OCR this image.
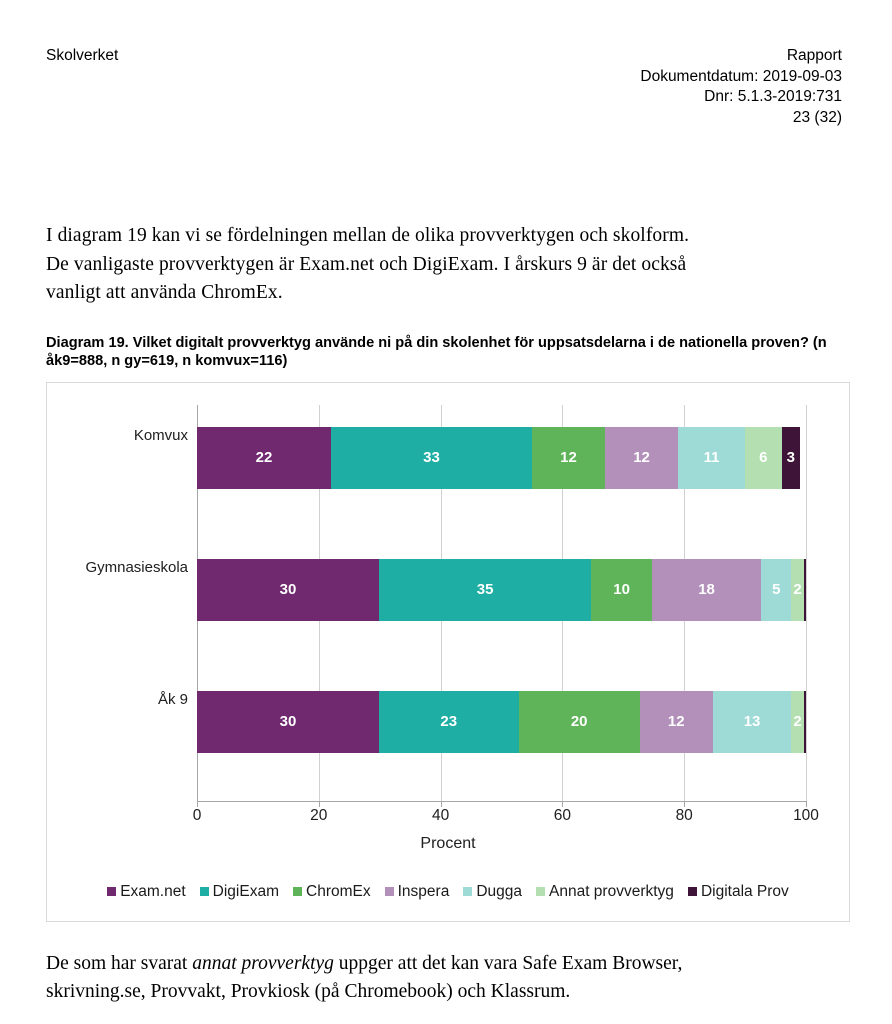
Skolverket	Rapport
Dokumentdatum: 2019-09-03
Dnr: 5.1.3-2019:731
23 (32)

I diagram 19 kan vi se fördelningen mellan de olika provverktygen och skolform.

De vanligaste provverktygen är Exam.net och DigiExam. I årskurs 9 är det också

vanligt att använda ChromEx.

Diagram 19. Vilket digitalt provverktyg använde ni på din skolenhet för uppsatsdelarna i de nationella proven? (n åk9=888, n gy=619, n komvux=116)
22	33	12	12	11	6 3
30	35	10	18	5 2
30	23	20	12	13 2
Komvux
Gymnasieskola
Åk 9
0	20	40	60	80	100
Procent
Exam.net DigiExam ChromEx Inspera Dugga Annat provverktyg Digitala Prov

De som har svarat annat provverktyg uppger att det kan vara Safe Exam Browser,

skrivning.se, Provvakt, Provkiosk (på Chromebook) och Klassrum.
